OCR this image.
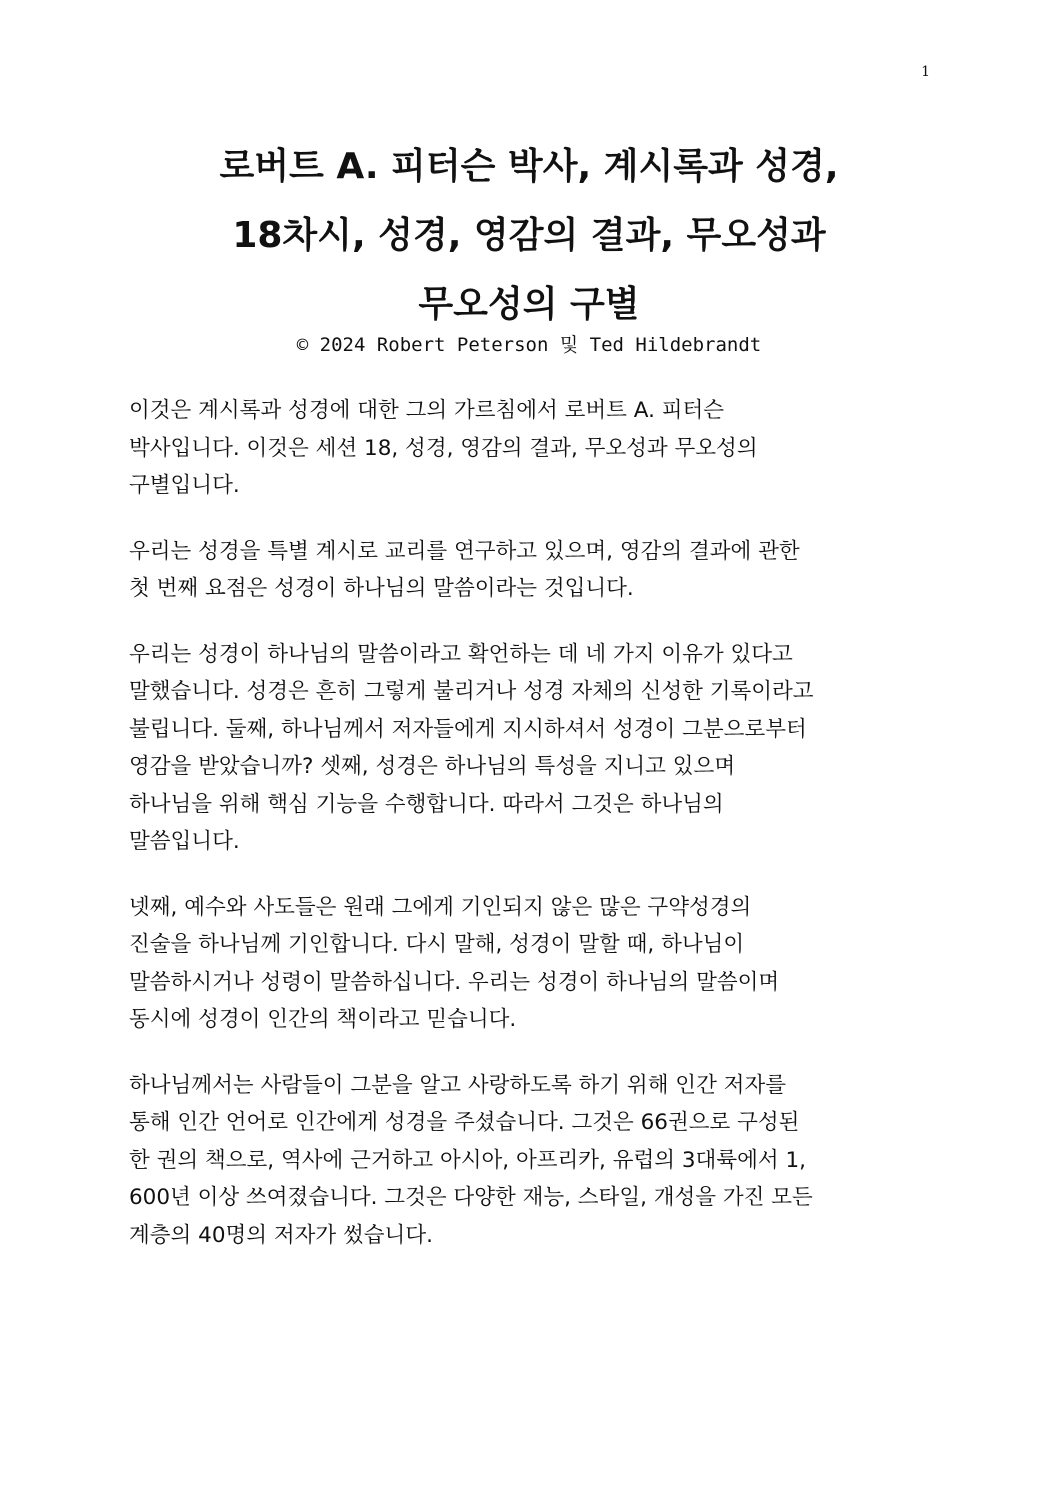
1
로버트 A. 피터슨 박사, 계시록과 성경,
18차시, 성경, 영감의 결과, 무오성과
무오성의 구별
© 2024 Robert Peterson 및 Ted Hildebrandt

이것은 계시록과 성경에 대한 그의 가르침에서 로버트 A. 피터슨
박사입니다. 이것은 세션 18, 성경, 영감의 결과, 무오성과 무오성의
구별입니다.

우리는 성경을 특별 계시로 교리를 연구하고 있으며, 영감의 결과에 관한
첫 번째 요점은 성경이 하나님의 말씀이라는 것입니다.

우리는 성경이 하나님의 말씀이라고 확언하는 데 네 가지 이유가 있다고
말했습니다. 성경은 흔히 그렇게 불리거나 성경 자체의 신성한 기록이라고
불립니다. 둘째, 하나님께서 저자들에게 지시하셔서 성경이 그분으로부터
영감을 받았습니까? 셋째, 성경은 하나님의 특성을 지니고 있으며
하나님을 위해 핵심 기능을 수행합니다. 따라서 그것은 하나님의
말씀입니다.

넷째, 예수와 사도들은 원래 그에게 기인되지 않은 많은 구약성경의
진술을 하나님께 기인합니다. 다시 말해, 성경이 말할 때, 하나님이
말씀하시거나 성령이 말씀하십니다. 우리는 성경이 하나님의 말씀이며
동시에 성경이 인간의 책이라고 믿습니다.

하나님께서는 사람들이 그분을 알고 사랑하도록 하기 위해 인간 저자를
통해 인간 언어로 인간에게 성경을 주셨습니다. 그것은 66권으로 구성된
한 권의 책으로, 역사에 근거하고 아시아, 아프리카, 유럽의 3대륙에서 1,
600년 이상 쓰여졌습니다. 그것은 다양한 재능, 스타일, 개성을 가진 모든
계층의 40명의 저자가 썼습니다.
